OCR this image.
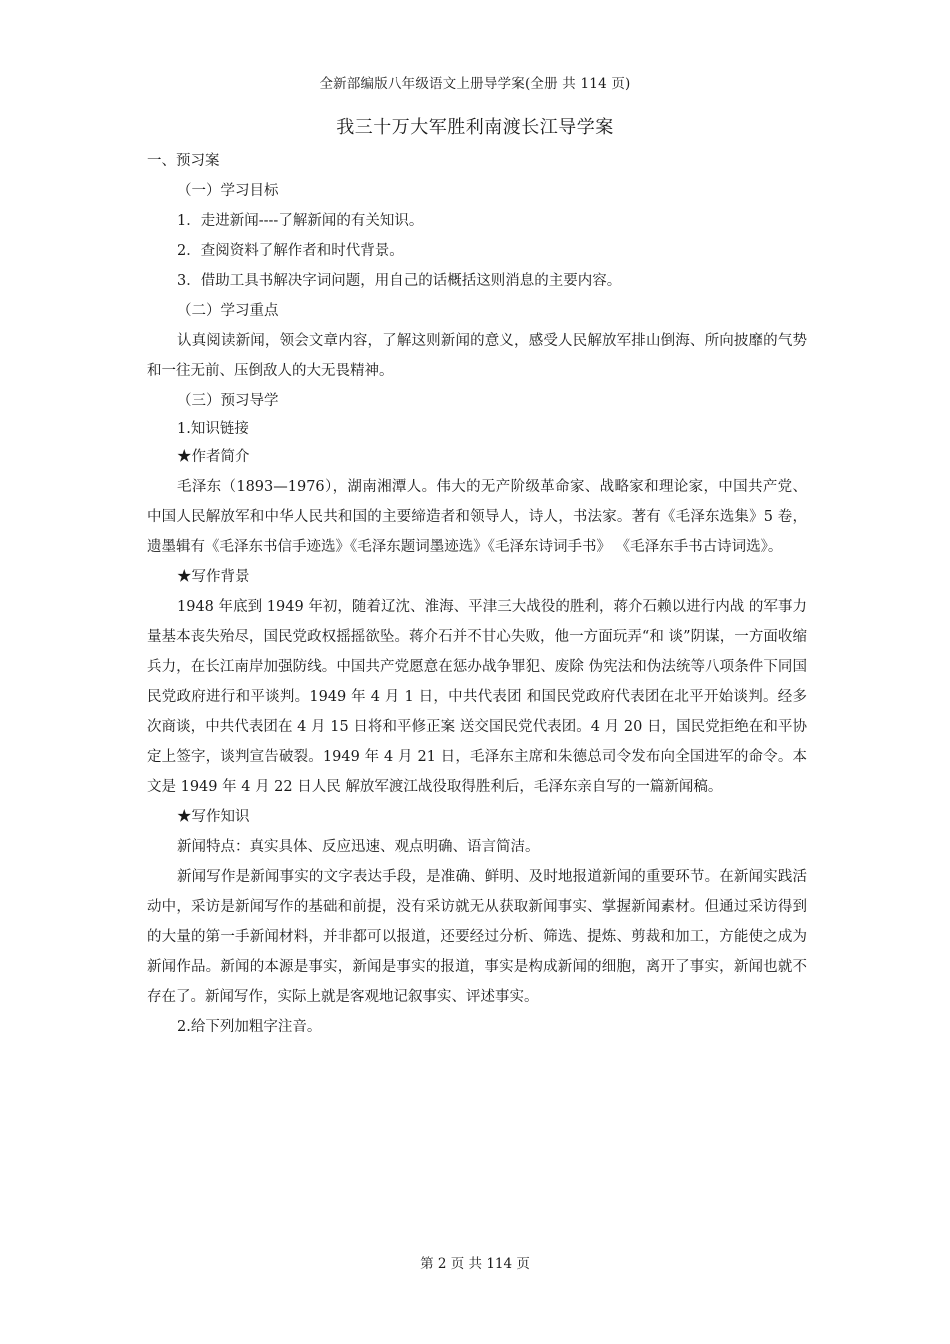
全新部编版八年级语文上册导学案(全册 共 114 页)
我三十万大军胜利南渡长江导学案
一、预习案
（一）学习目标
1．走进新闻----了解新闻的有关知识。
2．查阅资料了解作者和时代背景。
3．借助工具书解决字词问题，用自己的话概括这则消息的主要内容。
（二）学习重点
认真阅读新闻，领会文章内容，了解这则新闻的意义，感受人民解放军排山倒海、所向披靡的气势和一往无前、压倒敌人的大无畏精神。
（三）预习导学
1.知识链接
★作者简介
毛泽东（1893—1976），湖南湘潭人。伟大的无产阶级革命家、战略家和理论家，中国共产党、中国人民解放军和中华人民共和国的主要缔造者和领导人，诗人，书法家。著有《毛泽东选集》5 卷，遗墨辑有《毛泽东书信手迹选》《毛泽东题词墨迹选》《毛泽东诗词手书》 《毛泽东手书古诗词选》。
★写作背景
1948 年底到 1949 年初，随着辽沈、淮海、平津三大战役的胜利，蒋介石赖以进行内战 的军事力量基本丧失殆尽，国民党政权摇摇欲坠。蒋介石并不甘心失败，他一方面玩弄“和 谈”阴谋，一方面收缩兵力，在长江南岸加强防线。中国共产党愿意在惩办战争罪犯、废除 伪宪法和伪法统等八项条件下同国民党政府进行和平谈判。1949 年 4 月 1 日，中共代表团 和国民党政府代表团在北平开始谈判。经多次商谈，中共代表团在 4 月 15 日将和平修正案 送交国民党代表团。4 月 20 日，国民党拒绝在和平协定上签字，谈判宣告破裂。1949 年 4 月 21 日，毛泽东主席和朱德总司令发布向全国进军的命令。本文是 1949 年 4 月 22 日人民 解放军渡江战役取得胜利后，毛泽东亲自写的一篇新闻稿。
★写作知识
新闻特点：真实具体、反应迅速、观点明确、语言简洁。
新闻写作是新闻事实的文字表达手段，是准确、鲜明、及时地报道新闻的重要环节。在新闻实践活动中，采访是新闻写作的基础和前提，没有采访就无从获取新闻事实、掌握新闻素材。但通过采访得到的大量的第一手新闻材料，并非都可以报道，还要经过分析、筛选、提炼、剪裁和加工，方能使之成为新闻作品。新闻的本源是事实，新闻是事实的报道，事实是构成新闻的细胞，离开了事实，新闻也就不存在了。新闻写作，实际上就是客观地记叙事实、评述事实。
2.给下列加粗字注音。
第 2 页 共 114 页
